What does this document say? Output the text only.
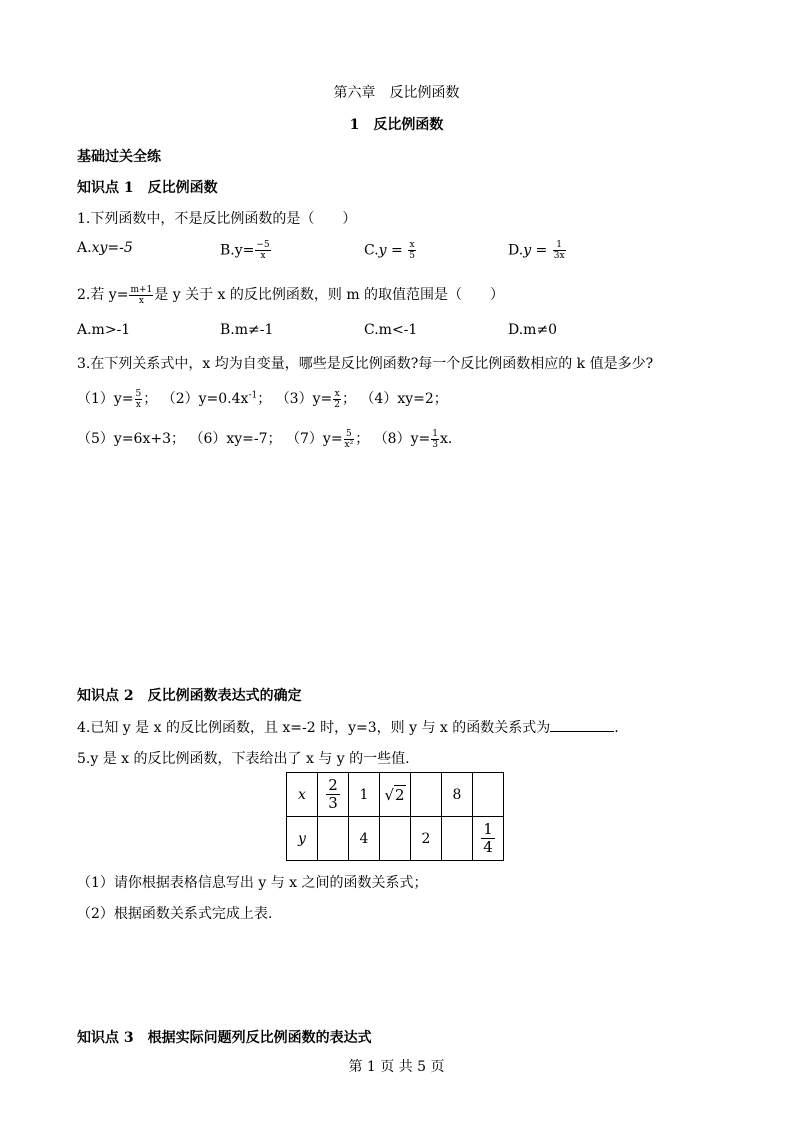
第六章　反比例函数
1　反比例函数
基础过关全练
知识点 1　 反比例函数
1.下列函数中，不是反比例函数的是（　　）
A.xy=-5	$B.y= \frac{-5}{x}$	$C.y = \frac{x}{5}$	$D.y = \frac{1}{3x}$
2.若 $y= \frac{m+1}{x}$ 是 y 关于 x 的反比例函数，则 m 的取值范围是（　　）
A.m>-1	B.m≠-1	C.m<-1	D.m≠0
3.在下列关系式中，x 均为自变量，哪些是反比例函数?每一个反比例函数相应的 k 值是多少?
$(1)y= \frac{5}{x}$ ； $(2)y=0.4x^{-1}$； $(3)y= \frac{x}{2}$ ； （4）xy=2；
（5）y=6x+3； （6）xy=-7； $(7)y= \frac{5}{\text{x²}}$ ； $(8)y= \frac{1}{3} x$.
知识点 2　 反比例函数表达式的确定
4.已知 y 是 x 的反比例函数，且 x=-2 时，y=3，则 y 与 x 的函数关系式为	.
5.y 是 x 的反比例函数，下表给出了 x 与 y 的一些值.
x	$\frac{2}{3}$	1	√2		8	
y		4		2		$\frac{1}{4}$
（1）请你根据表格信息写出 y 与 x 之间的函数关系式；
（2）根据函数关系式完成上表.
知识点 3　 根据实际问题列反比例函数的表达式
第 1 页 共 5 页
